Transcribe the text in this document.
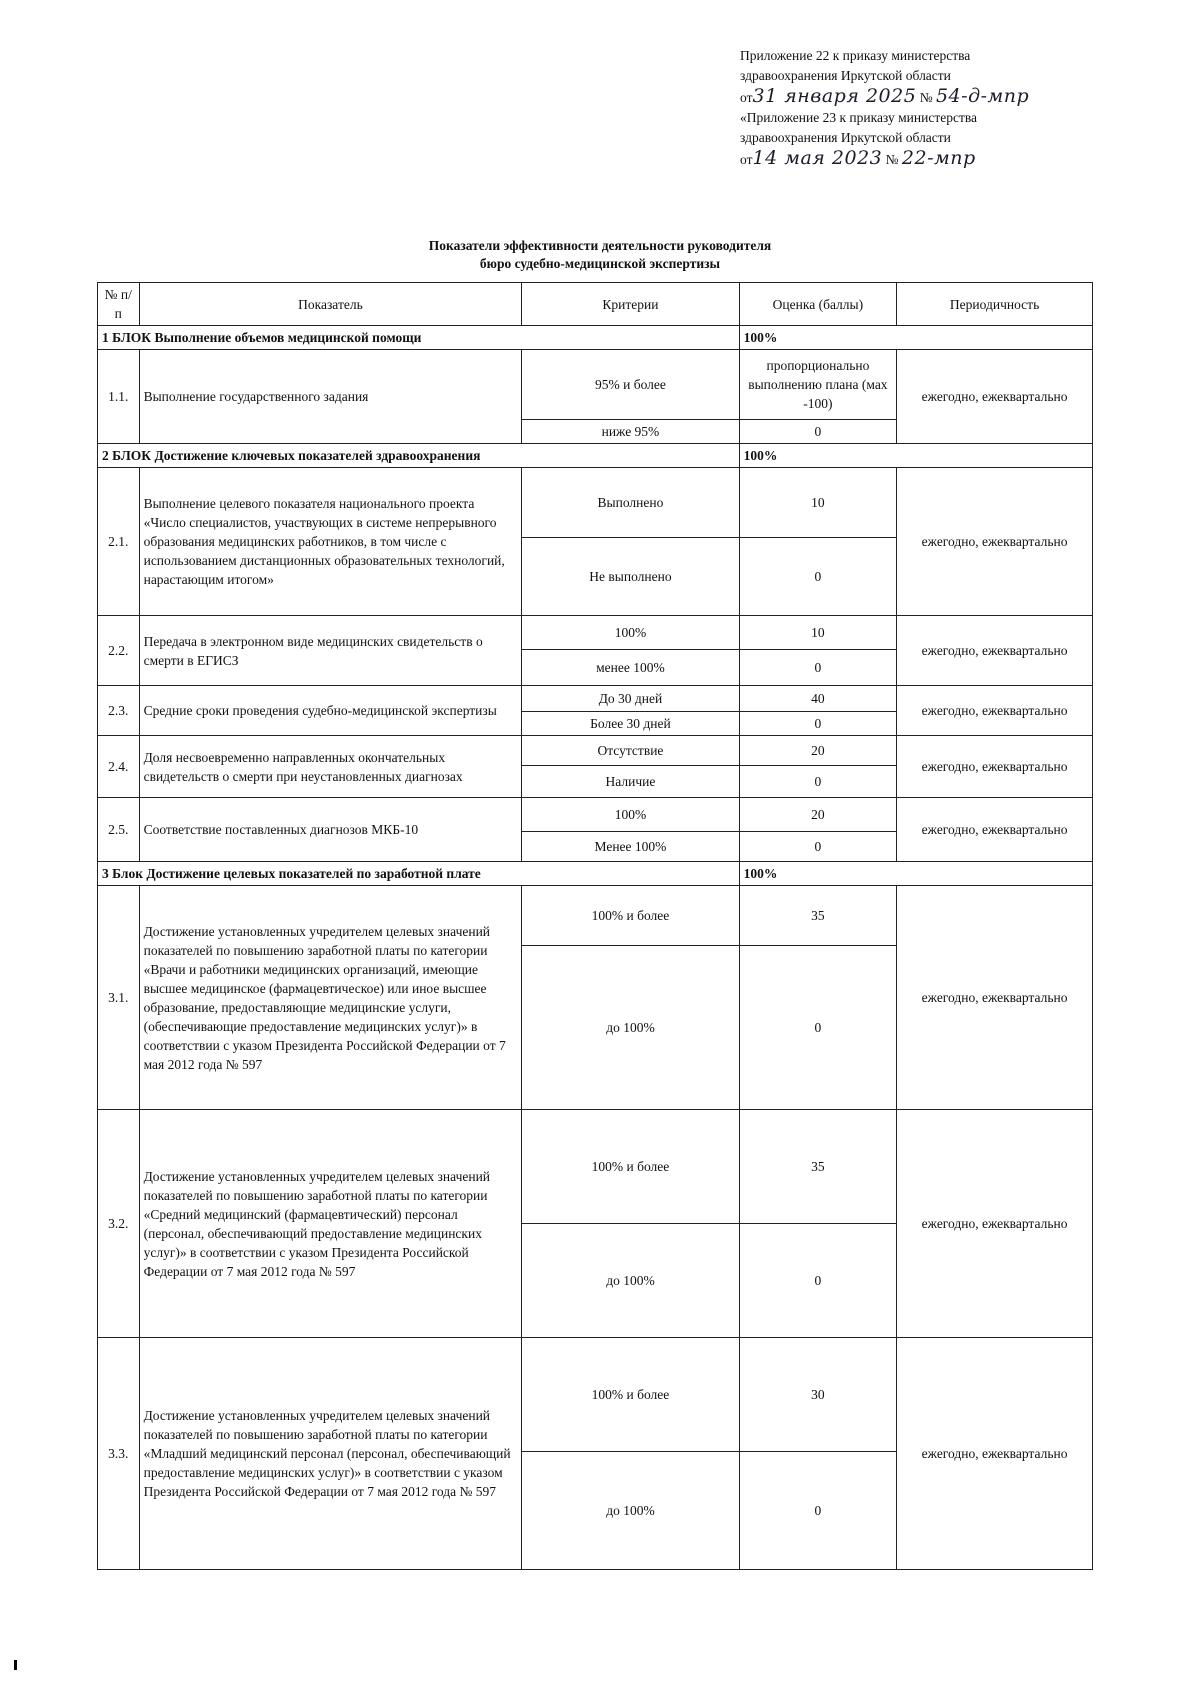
Приложение 22 к приказу министерства
здравоохранения Иркутской области
от31 января 2025 № 54-д-мпр
«Приложение 23 к приказу министерства
здравоохранения Иркутской области
от14 мая 2023 № 22-мпр
Показатели эффективности деятельности руководителя
бюро судебно-медицинской экспертизы
№ п/п	Показатель	Критерии	Оценка (баллы)	Периодичность
1 БЛОК Выполнение объемов медицинской помощи			100%	
1.1.	Выполнение государственного задания	95% и более	пропорционально выполнению плана (мах -100)	ежегодно, ежеквартально
		ниже 95%	0	
2 БЛОК Достижение ключевых показателей здравоохранения			100%	
2.1.	Выполнение целевого показателя национального проекта «Число специалистов, участвующих в системе непрерывного образования медицинских работников, в том числе с использованием дистанционных образовательных технологий, нарастающим итогом»	Выполнено	10	ежегодно, ежеквартально
		Не выполнено	0	
2.2.	Передача в электронном виде медицинских свидетельств о смерти в ЕГИСЗ	100%	10	ежегодно, ежеквартально
		менее 100%	0	
2.3.	Средние сроки проведения судебно-медицинской экспертизы	До 30 дней	40	ежегодно, ежеквартально
		Более 30 дней	0	
2.4.	Доля несвоевременно направленных окончательных свидетельств о смерти при неустановленных диагнозах	Отсутствие	20	ежегодно, ежеквартально
		Наличие	0	
2.5.	Соответствие поставленных диагнозов МКБ-10	100%	20	ежегодно, ежеквартально
		Менее 100%	0	
3 Блок Достижение целевых показателей по заработной плате			100%	
3.1.	Достижение установленных учредителем целевых значений показателей по повышению заработной платы по категории «Врачи и работники медицинских организаций, имеющие высшее медицинское (фармацевтическое) или иное высшее образование, предоставляющие медицинские услуги, (обеспечивающие предоставление медицинских услуг)» в соответствии с указом Президента Российской Федерации от 7 мая 2012 года № 597	100% и более	35	ежегодно, ежеквартально
		до 100%	0	
3.2.	Достижение установленных учредителем целевых значений показателей по повышению заработной платы по категории «Средний медицинский (фармацевтический) персонал (персонал, обеспечивающий предоставление медицинских услуг)» в соответствии с указом Президента Российской Федерации от 7 мая 2012 года № 597	100% и более	35	ежегодно, ежеквартально
		до 100%	0	
3.3.	Достижение установленных учредителем целевых значений показателей по повышению заработной платы по категории «Младший медицинский персонал (персонал, обеспечивающий предоставление медицинских услуг)» в соответствии с указом Президента Российской Федерации от 7 мая 2012 года № 597	100% и более	30	ежегодно, ежеквартально
		до 100%	0	
